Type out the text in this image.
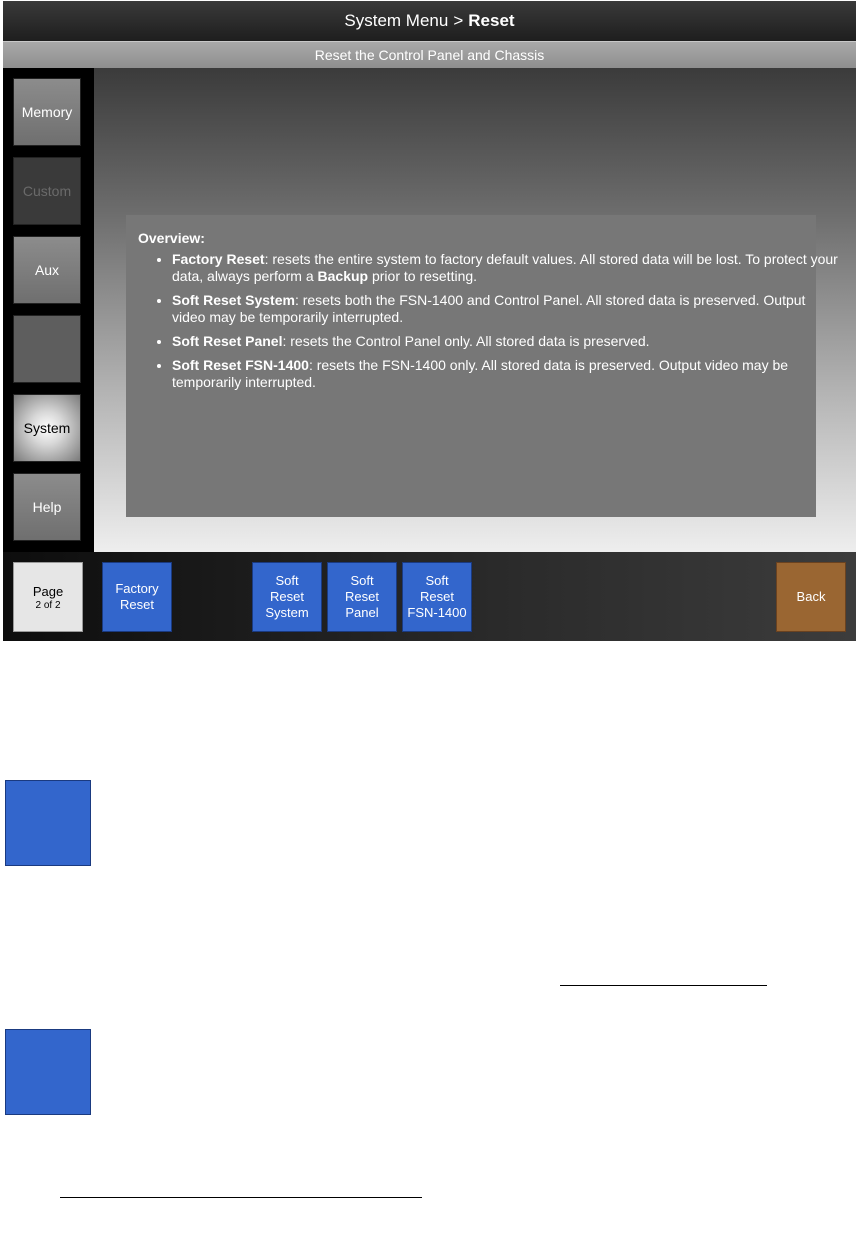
System Menu > Reset
Reset the Control Panel and Chassis
Memory
Custom
Aux
System
Help
Overview:
• Factory Reset: resets the entire system to factory default values. All stored data will be lost. To protect your data, always perform a Backup prior to resetting.
• Soft Reset System: resets both the FSN-1400 and Control Panel. All stored data is preserved. Output video may be temporarily interrupted.
• Soft Reset Panel: resets the Control Panel only. All stored data is preserved.
• Soft Reset FSN-1400: resets the FSN-1400 only. All stored data is preserved. Output video may be temporarily interrupted.
Page
2 of 2
Factory
Reset
Soft
Reset
System
Soft
Reset
Panel
Soft
Reset
FSN-1400
Back
